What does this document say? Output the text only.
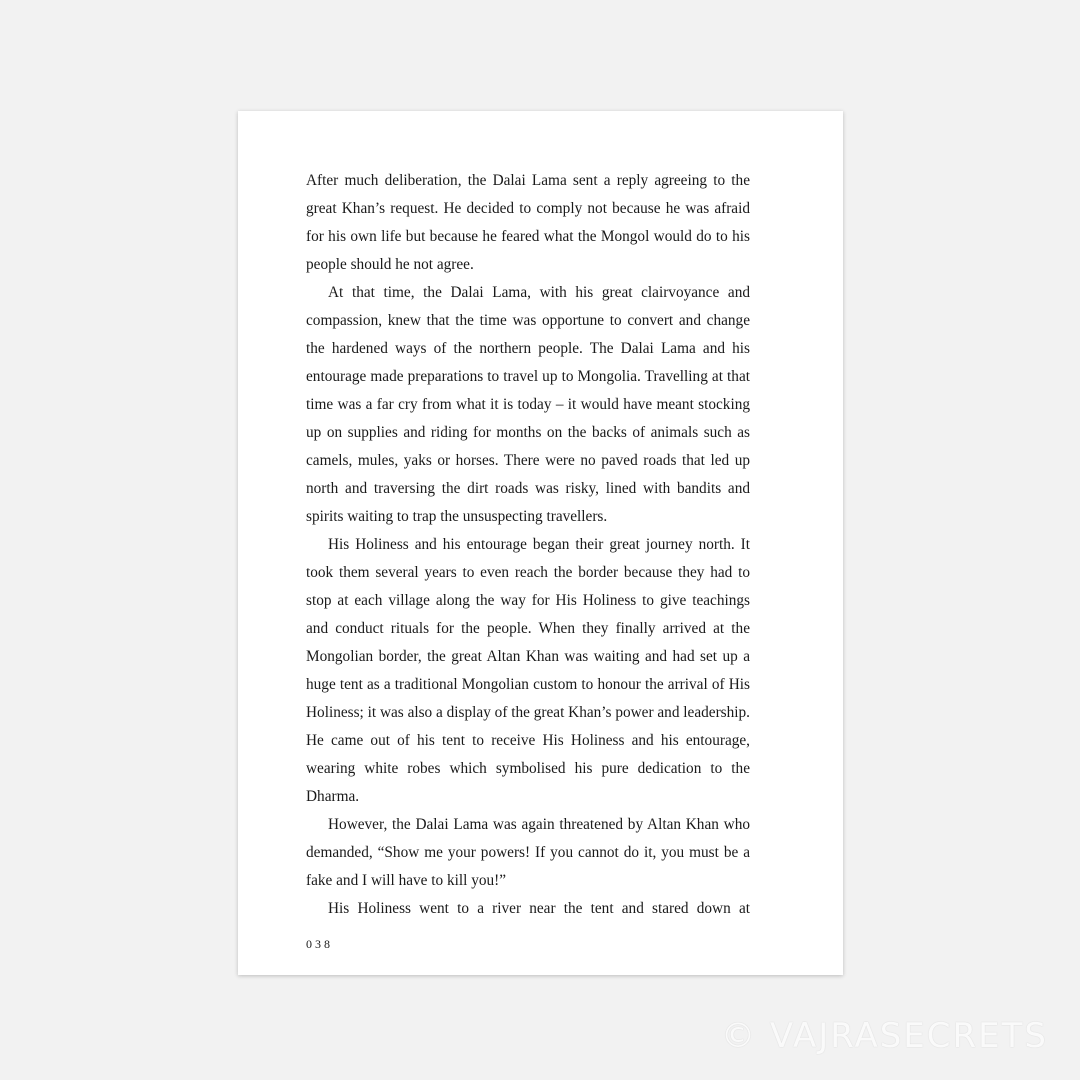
After much deliberation, the Dalai Lama sent a reply agreeing to the great Khan’s request. He decided to comply not because he was afraid for his own life but because he feared what the Mongol would do to his people should he not agree.

At that time, the Dalai Lama, with his great clairvoyance and compassion, knew that the time was opportune to convert and change the hardened ways of the northern people. The Dalai Lama and his entourage made preparations to travel up to Mongolia. Travelling at that time was a far cry from what it is today – it would have meant stocking up on supplies and riding for months on the backs of animals such as camels, mules, yaks or horses. There were no paved roads that led up north and traversing the dirt roads was risky, lined with bandits and spirits waiting to trap the unsuspecting travellers.

His Holiness and his entourage began their great journey north. It took them several years to even reach the border because they had to stop at each village along the way for His Holiness to give teachings and conduct rituals for the people. When they finally arrived at the Mongolian border, the great Altan Khan was waiting and had set up a huge tent as a traditional Mongolian custom to honour the arrival of His Holiness; it was also a display of the great Khan’s power and leadership. He came out of his tent to receive His Holiness and his entourage, wearing white robes which symbolised his pure dedication to the Dharma.

However, the Dalai Lama was again threatened by Altan Khan who demanded, “Show me your powers! If you cannot do it, you must be a fake and I will have to kill you!”

His Holiness went to a river near the tent and stared down at

038
© VAJRASECRETS
